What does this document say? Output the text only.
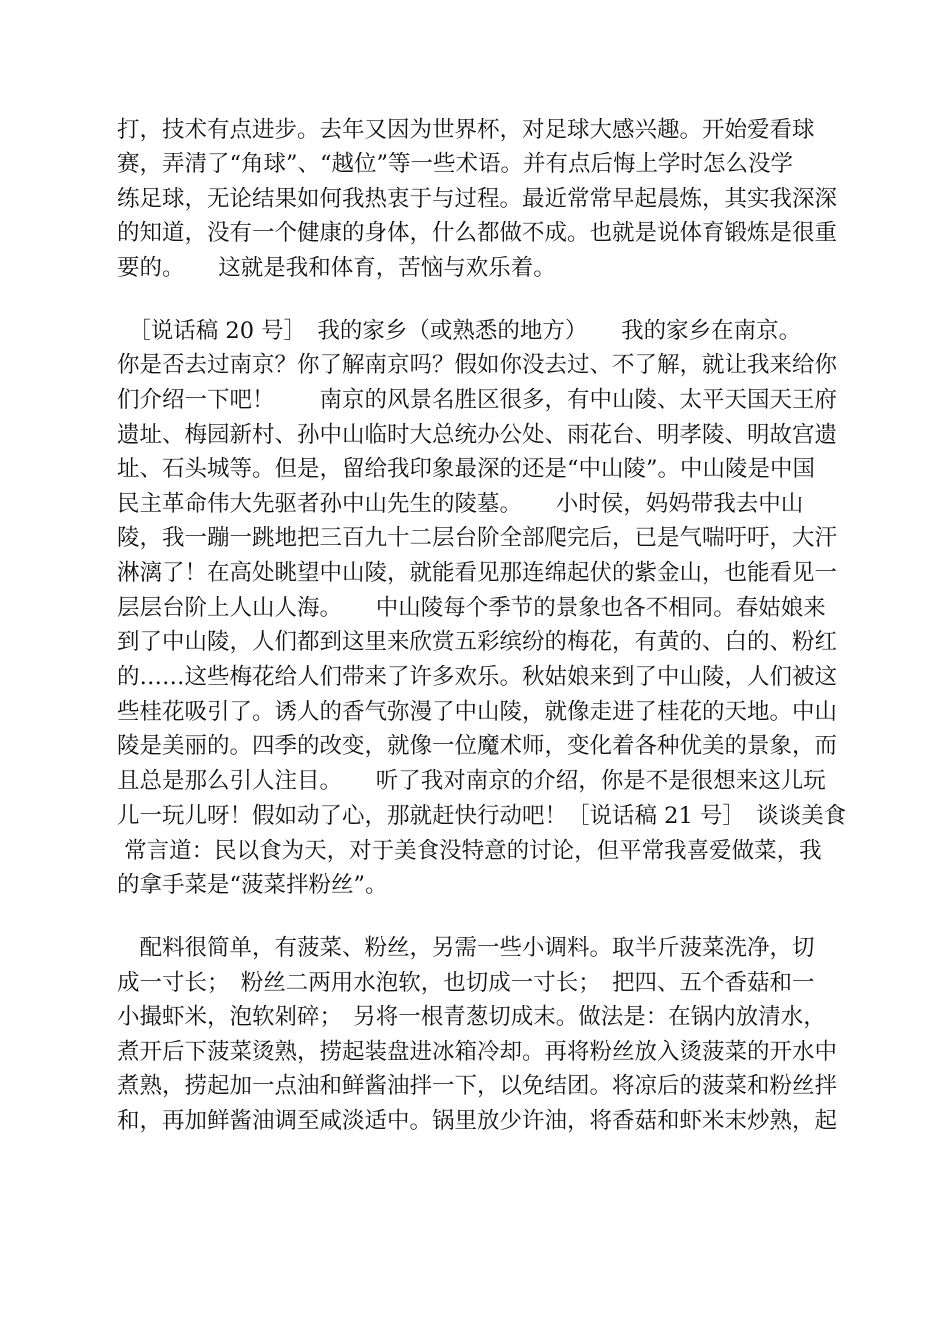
打，技术有点进步。去年又因为世界杯，对足球大感兴趣。开始爱看球
赛，弄清了“角球”、“越位”等一些术语。并有点后悔上学时怎么没学
练足球，无论结果如何我热衷于与过程。最近常常早起晨炼，其实我深深
的知道，没有一个健康的身体，什么都做不成。也就是说体育锻炼是很重
要的。　　这就是我和体育，苦恼与欢乐着。
　［说话稿 20 号］　我的家乡（或熟悉的地方）　　我的家乡在南京。
你是否去过南京？你了解南京吗？假如你没去过、不了解，就让我来给你
们介绍一下吧！　　南京的风景名胜区很多，有中山陵、太平天国天王府
遗址、梅园新村、孙中山临时大总统办公处、雨花台、明孝陵、明故宫遗
址、石头城等。但是，留给我印象最深的还是“中山陵”。中山陵是中国
民主革命伟大先驱者孙中山先生的陵墓。　　小时侯，妈妈带我去中山
陵，我一蹦一跳地把三百九十二层台阶全部爬完后，已是气喘吁吁，大汗
淋漓了！在高处眺望中山陵，就能看见那连绵起伏的紫金山，也能看见一
层层台阶上人山人海。　　中山陵每个季节的景象也各不相同。春姑娘来
到了中山陵，人们都到这里来欣赏五彩缤纷的梅花，有黄的、白的、粉红
的……这些梅花给人们带来了许多欢乐。秋姑娘来到了中山陵，人们被这
些桂花吸引了。诱人的香气弥漫了中山陵，就像走进了桂花的天地。中山
陵是美丽的。四季的改变，就像一位魔术师，变化着各种优美的景象，而
且总是那么引人注目。　　听了我对南京的介绍，你是不是很想来这儿玩
儿一玩儿呀！假如动了心，那就赶快行动吧！［说话稿 21 号］　谈谈美食
常言道：民以食为天，对于美食没特意的讨论，但平常我喜爱做菜，我
的拿手菜是“菠菜拌粉丝”。
　配料很简单，有菠菜、粉丝，另需一些小调料。取半斤菠菜洗净，切
成一寸长；　粉丝二两用水泡软，也切成一寸长；　把四、五个香菇和一
小撮虾米，泡软剁碎；　另将一根青葱切成末。做法是：在锅内放清水，
煮开后下菠菜烫熟，捞起装盘进冰箱冷却。再将粉丝放入烫菠菜的开水中
煮熟，捞起加一点油和鲜酱油拌一下，以免结团。将凉后的菠菜和粉丝拌
和，再加鲜酱油调至咸淡适中。锅里放少许油，将香菇和虾米末炒熟，起
